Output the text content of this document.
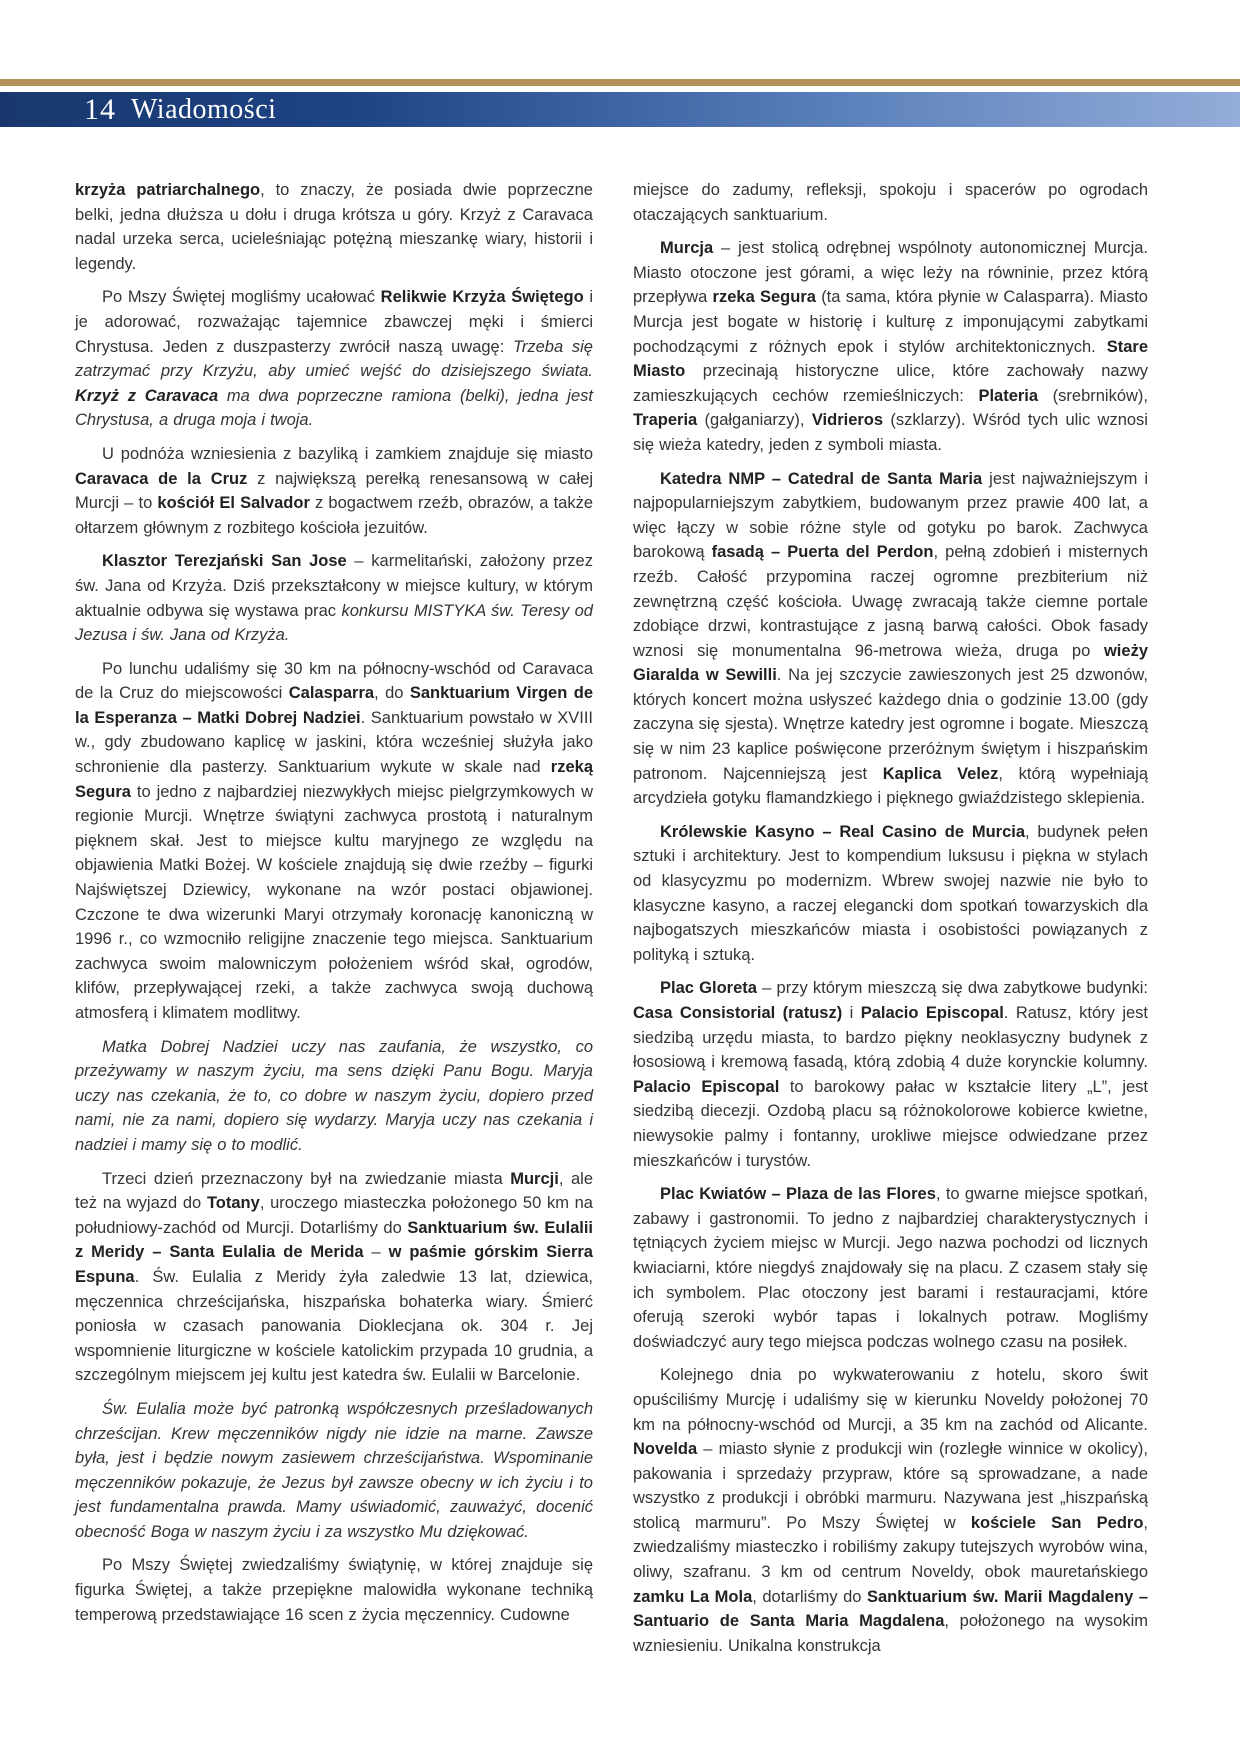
14 Wiadomości

krzyża patriarchalnego, to znaczy, że posiada dwie poprzeczne belki, jedna dłuższa u dołu i druga krótsza u góry. Krzyż z Caravaca nadal urzeka serca, ucieleśniając potężną mieszankę wiary, historii i legendy.

Po Mszy Świętej mogliśmy ucałować Relikwie Krzyża Świętego i je adorować, rozważając tajemnice zbawczej męki i śmierci Chrystusa. Jeden z duszpasterzy zwrócił naszą uwagę: Trzeba się zatrzymać przy Krzyżu, aby umieć wejść do dzisiejszego świata. Krzyż z Caravaca ma dwa poprzeczne ramiona (belki), jedna jest Chrystusa, a druga moja i twoja.

U podnóża wzniesienia z bazyliką i zamkiem znajduje się miasto Caravaca de la Cruz z największą perełką renesansową w całej Murcji – to kościół El Salvador z bogactwem rzeźb, obrazów, a także ołtarzem głównym z rozbitego kościoła jezuitów.

Klasztor Terezjański San Jose – karmelitański, założony przez św. Jana od Krzyża. Dziś przekształcony w miejsce kultury, w którym aktualnie odbywa się wystawa prac konkursu MISTYKA św. Teresy od Jezusa i św. Jana od Krzyża.

Po lunchu udaliśmy się 30 km na północny-wschód od Caravaca de la Cruz do miejscowości Calasparra, do Sanktuarium Virgen de la Esperanza – Matki Dobrej Nadziei. Sanktuarium powstało w XVIII w., gdy zbudowano kaplicę w jaskini, która wcześniej służyła jako schronienie dla pasterzy. Sanktuarium wykute w skale nad rzeką Segura to jedno z najbardziej niezwykłych miejsc pielgrzymkowych w regionie Murcji. Wnętrze świątyni zachwyca prostotą i naturalnym pięknem skał. Jest to miejsce kultu maryjnego ze względu na objawienia Matki Bożej. W kościele znajdują się dwie rzeźby – figurki Najświętszej Dziewicy, wykonane na wzór postaci objawionej. Czczone te dwa wizerunki Maryi otrzymały koronację kanoniczną w 1996 r., co wzmocniło religijne znaczenie tego miejsca. Sanktuarium zachwyca swoim malowniczym położeniem wśród skał, ogrodów, klifów, przepływającej rzeki, a także zachwyca swoją duchową atmosferą i klimatem modlitwy.

Matka Dobrej Nadziei uczy nas zaufania, że wszystko, co przeżywamy w naszym życiu, ma sens dzięki Panu Bogu. Maryja uczy nas czekania, że to, co dobre w naszym życiu, dopiero przed nami, nie za nami, dopiero się wydarzy. Maryja uczy nas czekania i nadziei i mamy się o to modlić.

Trzeci dzień przeznaczony był na zwiedzanie miasta Murcji, ale też na wyjazd do Totany, uroczego miasteczka położonego 50 km na południowy-zachód od Murcji. Dotarliśmy do Sanktuarium św. Eulalii z Meridy – Santa Eulalia de Merida – w paśmie górskim Sierra Espuna. Św. Eulalia z Meridy żyła zaledwie 13 lat, dziewica, męczennica chrześcijańska, hiszpańska bohaterka wiary. Śmierć poniosła w czasach panowania Dioklecjana ok. 304 r. Jej wspomnienie liturgiczne w kościele katolickim przypada 10 grudnia, a szczególnym miejscem jej kultu jest katedra św. Eulalii w Barcelonie.

Św. Eulalia może być patronką współczesnych prześladowanych chrześcijan. Krew męczenników nigdy nie idzie na marne. Zawsze była, jest i będzie nowym zasiewem chrześcijaństwa. Wspominanie męczenników pokazuje, że Jezus był zawsze obecny w ich życiu i to jest fundamentalna prawda. Mamy uświadomić, zauważyć, docenić obecność Boga w naszym życiu i za wszystko Mu dziękować.

Po Mszy Świętej zwiedzaliśmy świątynię, w której znajduje się figurka Świętej, a także przepiękne malowidła wykonane techniką temperową przedstawiające 16 scen z życia męczennicy. Cudowne

miejsce do zadumy, refleksji, spokoju i spacerów po ogrodach otaczających sanktuarium.

Murcja – jest stolicą odrębnej wspólnoty autonomicznej Murcja. Miasto otoczone jest górami, a więc leży na równinie, przez którą przepływa rzeka Segura (ta sama, która płynie w Calasparra). Miasto Murcja jest bogate w historię i kulturę z imponującymi zabytkami pochodzącymi z różnych epok i stylów architektonicznych. Stare Miasto przecinają historyczne ulice, które zachowały nazwy zamieszkujących cechów rzemieślniczych: Plateria (srebrników), Traperia (gałganiarzy), Vidrieros (szklarzy). Wśród tych ulic wznosi się wieża katedry, jeden z symboli miasta.

Katedra NMP – Catedral de Santa Maria jest najważniejszym i najpopularniejszym zabytkiem, budowanym przez prawie 400 lat, a więc łączy w sobie różne style od gotyku po barok. Zachwyca barokową fasadą – Puerta del Perdon, pełną zdobień i misternych rzeźb. Całość przypomina raczej ogromne prezbiterium niż zewnętrzną część kościoła. Uwagę zwracają także ciemne portale zdobiące drzwi, kontrastujące z jasną barwą całości. Obok fasady wznosi się monumentalna 96-metrowa wieża, druga po wieży Giaralda w Sewilli. Na jej szczycie zawieszonych jest 25 dzwonów, których koncert można usłyszeć każdego dnia o godzinie 13.00 (gdy zaczyna się sjesta). Wnętrze katedry jest ogromne i bogate. Mieszczą się w nim 23 kaplice poświęcone przeróżnym świętym i hiszpańskim patronom. Najcenniejszą jest Kaplica Velez, którą wypełniają arcydzieła gotyku flamandzkiego i pięknego gwiaździstego sklepienia.

Królewskie Kasyno – Real Casino de Murcia, budynek pełen sztuki i architektury. Jest to kompendium luksusu i piękna w stylach od klasycyzmu po modernizm. Wbrew swojej nazwie nie było to klasyczne kasyno, a raczej elegancki dom spotkań towarzyskich dla najbogatszych mieszkańców miasta i osobistości powiązanych z polityką i sztuką.

Plac Gloreta – przy którym mieszczą się dwa zabytkowe budynki: Casa Consistorial (ratusz) i Palacio Episcopal. Ratusz, który jest siedzibą urzędu miasta, to bardzo piękny neoklasyczny budynek z łososiową i kremową fasadą, którą zdobią 4 duże korynckie kolumny. Palacio Episcopal to barokowy pałac w kształcie litery „L”, jest siedzibą diecezji. Ozdobą placu są różnokolorowe kobierce kwietne, niewysokie palmy i fontanny, urokliwe miejsce odwiedzane przez mieszkańców i turystów.

Plac Kwiatów – Plaza de las Flores, to gwarne miejsce spotkań, zabawy i gastronomii. To jedno z najbardziej charakterystycznych i tętniących życiem miejsc w Murcji. Jego nazwa pochodzi od licznych kwiaciarni, które niegdyś znajdowały się na placu. Z czasem stały się ich symbolem. Plac otoczony jest barami i restauracjami, które oferują szeroki wybór tapas i lokalnych potraw. Mogliśmy doświadczyć aury tego miejsca podczas wolnego czasu na posiłek.

Kolejnego dnia po wykwaterowaniu z hotelu, skoro świt opuściliśmy Murcję i udaliśmy się w kierunku Noveldy położonej 70 km na północny-wschód od Murcji, a 35 km na zachód od Alicante. Novelda – miasto słynie z produkcji win (rozległe winnice w okolicy), pakowania i sprzedaży przypraw, które są sprowadzane, a nade wszystko z produkcji i obróbki marmuru. Nazywana jest „hiszpańską stolicą marmuru”. Po Mszy Świętej w kościele San Pedro, zwiedzaliśmy miasteczko i robiliśmy zakupy tutejszych wyrobów wina, oliwy, szafranu. 3 km od centrum Noveldy, obok mauretańskiego zamku La Mola, dotarliśmy do Sanktuarium św. Marii Magdaleny – Santuario de Santa Maria Magdalena, położonego na wysokim wzniesieniu. Unikalna konstrukcja
